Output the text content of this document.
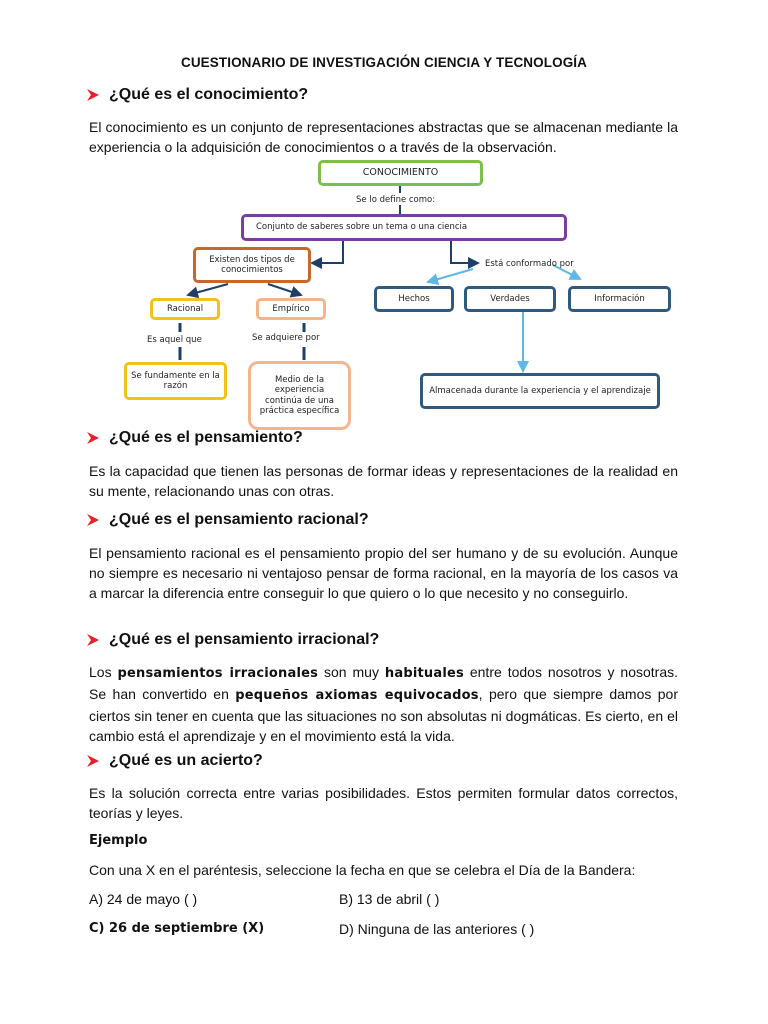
CUESTIONARIO DE INVESTIGACIÓN CIENCIA Y TECNOLOGÍA
¿Qué es el conocimiento?

El conocimiento es un conjunto de representaciones abstractas que se almacenan mediante la experiencia o la adquisición de conocimientos o a través de la observación.

CONOCIMIENTO
Se lo define como:
Conjunto de saberes sobre un tema o una ciencia
Existen dos tipos de conocimientos
Está conformado por
Racional	Empírico
Hechos	Verdades	Información
Es aquel que	Se adquiere por
Se fundamente en la razón
Medio de la experiencia continúa de una práctica específica
Almacenada durante la experiencia y el aprendizaje
¿Qué es el pensamiento?

Es la capacidad que tienen las personas de formar ideas y representaciones de la realidad en su mente, relacionando unas con otras.

¿Qué es el pensamiento racional?

El pensamiento racional es el pensamiento propio del ser humano y de su evolución. Aunque no siempre es necesario ni ventajoso pensar de forma racional, en la mayoría de los casos va a marcar la diferencia entre conseguir lo que quiero o lo que necesito y no conseguirlo.

¿Qué es el pensamiento irracional?

Los pensamientos irracionales son muy habituales entre todos nosotros y nosotras. Se han convertido en pequeños axiomas equivocados, pero que siempre damos por ciertos sin tener en cuenta que las situaciones no son absolutas ni dogmáticas. Es cierto, en el cambio está el aprendizaje y en el movimiento está la vida.

¿Qué es un acierto?

Es la solución correcta entre varias posibilidades. Estos permiten formular datos correctos, teorías y leyes.

Ejemplo
Con una X en el paréntesis, seleccione la fecha en que se celebra el Día de la Bandera:
A) 24 de mayo ( )	B) 13 de abril ( )
C) 26 de septiembre (X)	D) Ninguna de las anteriores ( )
